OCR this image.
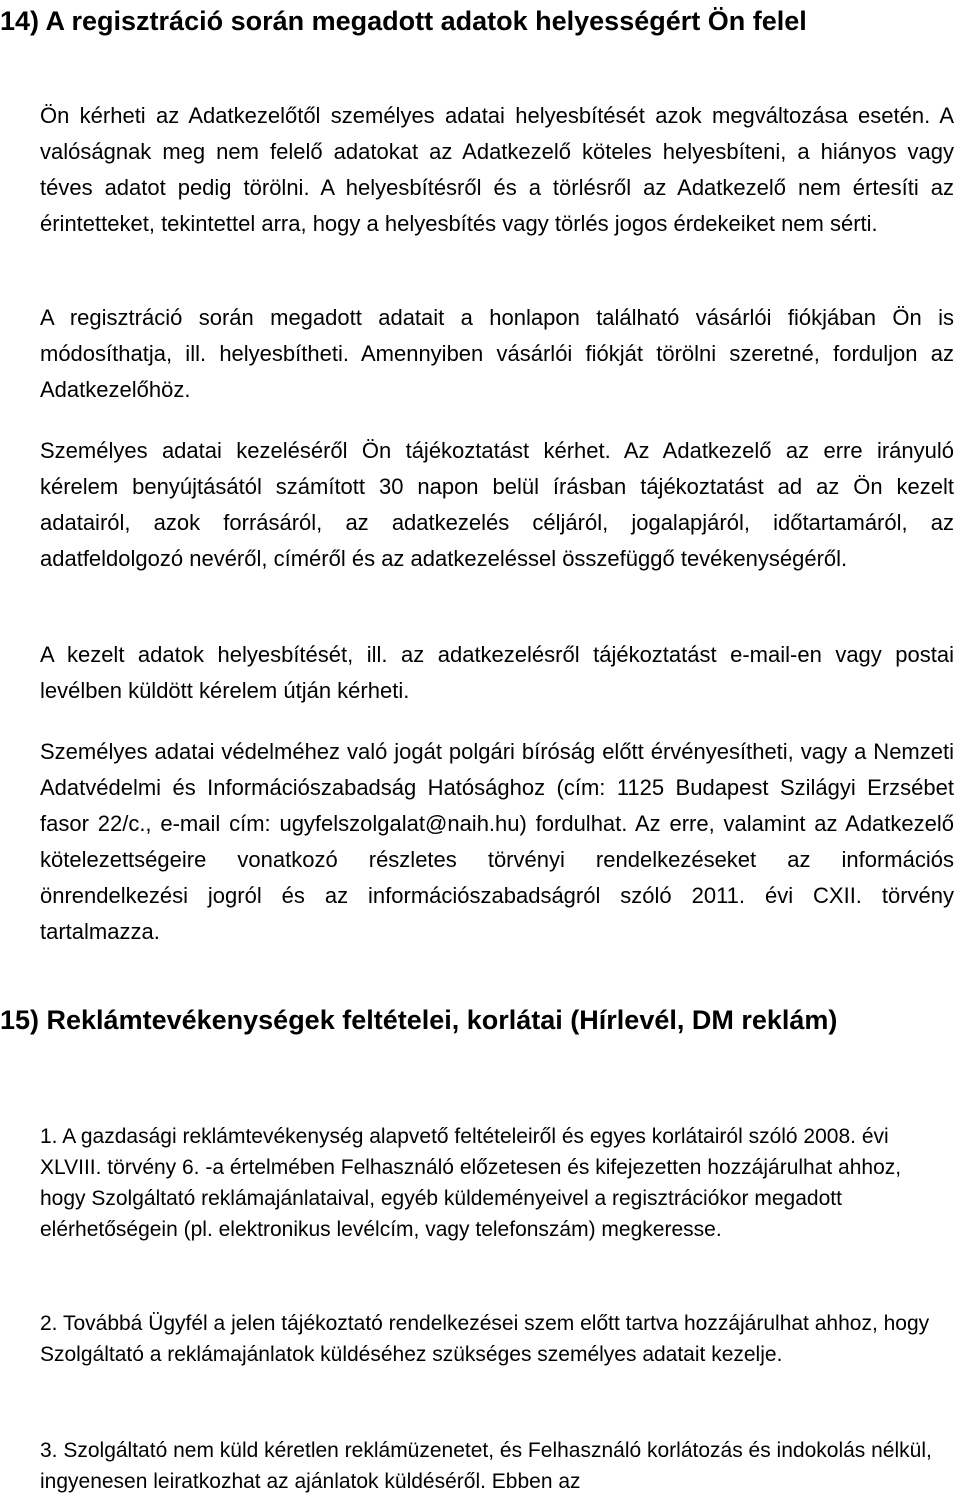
14) A regisztráció során megadott adatok helyességért Ön felel

Ön kérheti az Adatkezelőtől személyes adatai helyesbítését azok megváltozása esetén. A valóságnak meg nem felelő adatokat az Adatkezelő köteles helyesbíteni, a hiányos vagy téves adatot pedig törölni. A helyesbítésről és a törlésről az Adatkezelő nem értesíti az érintetteket, tekintettel arra, hogy a helyesbítés vagy törlés jogos érdekeiket nem sérti.

A regisztráció során megadott adatait a honlapon található vásárlói fiókjában Ön is módosíthatja, ill. helyesbítheti. Amennyiben vásárlói fiókját törölni szeretné, forduljon az Adatkezelőhöz.

Személyes adatai kezeléséről Ön tájékoztatást kérhet. Az Adatkezelő az erre irányuló kérelem benyújtásától számított 30 napon belül írásban tájékoztatást ad az Ön kezelt adatairól, azok forrásáról, az adatkezelés céljáról, jogalapjáról, időtartamáról, az adatfeldolgozó nevéről, címéről és az adatkezeléssel összefüggő tevékenységéről.

A kezelt adatok helyesbítését, ill. az adatkezelésről tájékoztatást e-mail-en vagy postai levélben küldött kérelem útján kérheti.

Személyes adatai védelméhez való jogát polgári bíróság előtt érvényesítheti, vagy a Nemzeti Adatvédelmi és Információszabadság Hatósághoz (cím: 1125 Budapest Szilágyi Erzsébet fasor 22/c., e-mail cím: ugyfelszolgalat@naih.hu) fordulhat. Az erre, valamint az Adatkezelő kötelezettségeire vonatkozó részletes törvényi rendelkezéseket az információs önrendelkezési jogról és az információszabadságról szóló 2011. évi CXII. törvény tartalmazza.

15) Reklámtevékenységek feltételei, korlátai (Hírlevél, DM reklám)

1. A gazdasági reklámtevékenység alapvető feltételeiről és egyes korlátairól szóló 2008. évi XLVIII. törvény 6. -a értelmében Felhasználó előzetesen és kifejezetten hozzájárulhat ahhoz, hogy Szolgáltató reklámajánlataival, egyéb küldeményeivel a regisztrációkor megadott elérhetőségein (pl. elektronikus levélcím, vagy telefonszám) megkeresse.

2. Továbbá Ügyfél a jelen tájékoztató rendelkezései szem előtt tartva hozzájárulhat ahhoz, hogy Szolgáltató a reklámajánlatok küldéséhez szükséges személyes adatait kezelje.

3. Szolgáltató nem küld kéretlen reklámüzenetet, és Felhasználó korlátozás és indokolás nélkül, ingyenesen leiratkozhat az ajánlatok küldéséről. Ebben az
